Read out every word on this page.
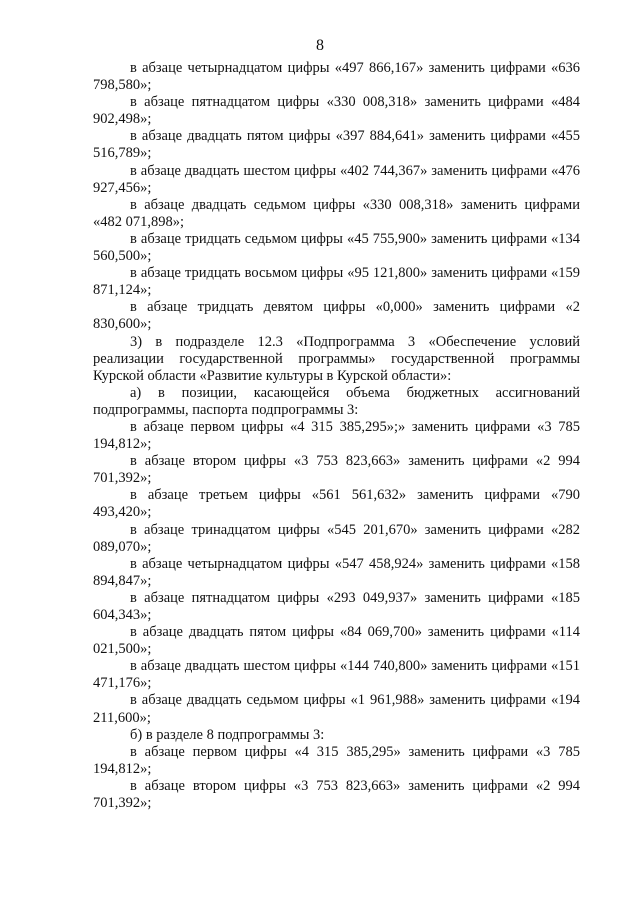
8

в абзаце четырнадцатом цифры «497 866,167» заменить цифрами «636 798,580»;

в абзаце пятнадцатом цифры «330 008,318» заменить цифрами «484 902,498»;

в абзаце двадцать пятом цифры «397 884,641» заменить цифрами «455 516,789»;

в абзаце двадцать шестом цифры «402 744,367» заменить цифрами «476 927,456»;

в абзаце двадцать седьмом цифры «330 008,318» заменить цифрами «482 071,898»;

в абзаце тридцать седьмом цифры «45 755,900» заменить цифрами «134 560,500»;

в абзаце тридцать восьмом цифры «95 121,800» заменить цифрами «159 871,124»;

в абзаце тридцать девятом цифры «0,000» заменить цифрами «2 830,600»;

3) в подразделе 12.3 «Подпрограмма 3 «Обеспечение условий реализации государственной программы» государственной программы Курской области «Развитие культуры в Курской области»:

а) в позиции, касающейся объема бюджетных ассигнований подпрограммы, паспорта подпрограммы 3:

в абзаце первом цифры «4 315 385,295»;» заменить цифрами «3 785 194,812»;

в абзаце втором цифры «3 753 823,663» заменить цифрами «2 994 701,392»;

в абзаце третьем цифры «561 561,632» заменить цифрами «790 493,420»;

в абзаце тринадцатом цифры «545 201,670» заменить цифрами «282 089,070»;

в абзаце четырнадцатом цифры «547 458,924» заменить цифрами «158 894,847»;

в абзаце пятнадцатом цифры «293 049,937» заменить цифрами «185 604,343»;

в абзаце двадцать пятом цифры «84 069,700» заменить цифрами «114 021,500»;

в абзаце двадцать шестом цифры «144 740,800» заменить цифрами «151 471,176»;

в абзаце двадцать седьмом цифры «1 961,988» заменить цифрами «194 211,600»;

б) в разделе 8 подпрограммы 3:

в абзаце первом цифры «4 315 385,295» заменить цифрами «3 785 194,812»;

в абзаце втором цифры «3 753 823,663» заменить цифрами «2 994 701,392»;
